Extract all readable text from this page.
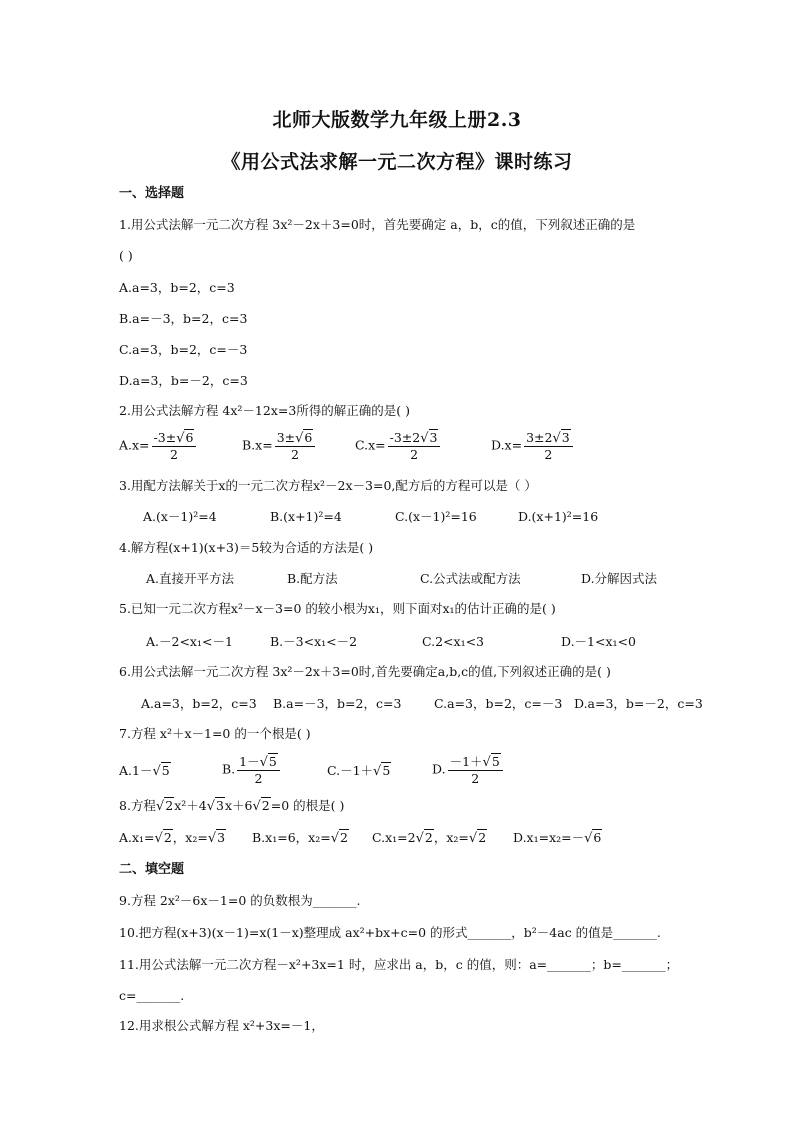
北师大版数学九年级上册2.3
《用公式法求解一元二次方程》课时练习
一、选择题
1.用公式法解一元二次方程 3x²－2x＋3=0时，首先要确定 a，b，c的值，下列叙述正确的是
( )
A.a=3，b=2，c=3
B.a=－3，b=2，c=3
C.a=3，b=2，c=－3
D.a=3，b=－2，c=3
2.用公式法解方程 4x²－12x=3所得的解正确的是( )
$A.x= \frac{-3\pm√6}{2}$	$B.x= \frac{3\pm√6}{2}$	$C.x= \frac{-3\pm 2√3}{2}$	$D.x= \frac{3\pm 2√3}{2}$
3.用配方法解关于x的一元二次方程x²－2x－3=0,配方后的方程可以是（ ）
A.(x－1)²=4	B.(x+1)²=4	C.(x－1)²=16	D.(x+1)²=16
4.解方程(x+1)(x+3)＝5较为合适的方法是( )
A.直接开平方法	B.配方法	C.公式法或配方法	D.分解因式法
5.已知一元二次方程x²－x－3=0 的较小根为x₁，则下面对x₁的估计正确的是( )
A.－2<x₁<－1	B.－3<x₁<－2	C.2<x₁<3	D.－1<x₁<0
6.用公式法解一元二次方程 3x²－2x＋3=0时,首先要确定a,b,c的值,下列叙述正确的是( )
A.a=3，b=2，c=3 B.a=－3，b=2，c=3	C.a=3，b=2，c=－3 D.a=3，b=－2，c=3
7.方程 x²＋x－1=0 的一个根是( )
A.1－√5	B. $\frac{1-√5}{2}$	C.－1＋√5	D. $\frac{-1+√5}{2}$
8.方程√2x²＋4√3x＋6√2=0 的根是( )
A.x₁=√2，x₂=√3 B.x₁=6，x₂=√2 C.x₁=2√2，x₂=√2 D.x₁=x₂=－√6
二、填空题
9.方程 2x²－6x－1=0 的负数根为_______.
10.把方程(x+3)(x－1)=x(1－x)整理成 ax²+bx+c=0 的形式_______，b²－4ac 的值是_______.
11.用公式法解一元二次方程－x²+3x=1 时，应求出 a，b，c 的值，则：a=_______；b=_______；
c=_______.
12.用求根公式解方程 x²+3x=－1，
